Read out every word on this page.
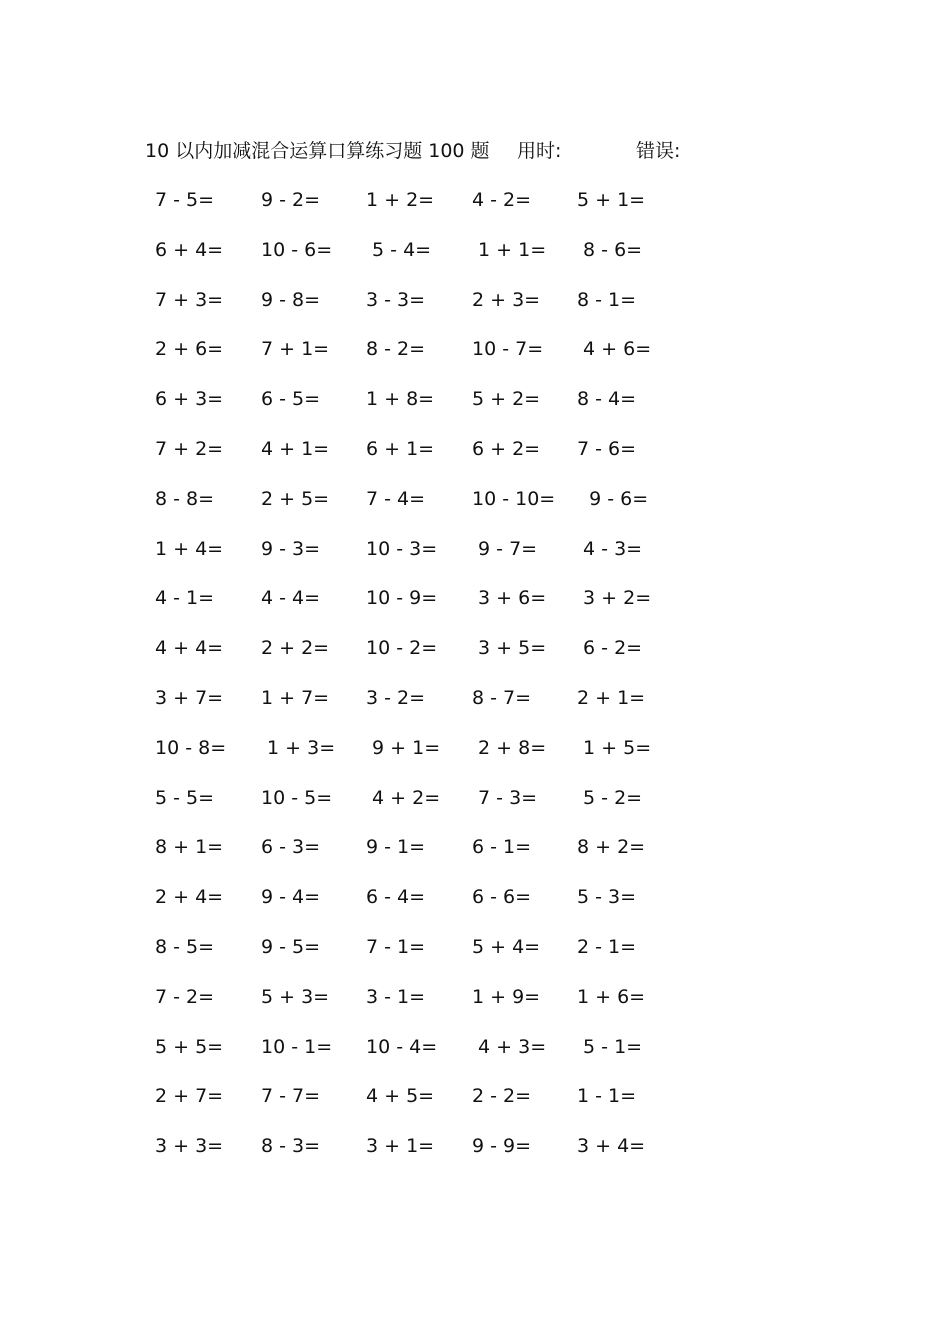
10 以内加减混合运算口算练习题 100 题 用时:	错误:
7 - 5= 9 - 2= 1 + 2= 4 - 2= 5 + 1=
6 + 4= 10 - 6= 5 - 4= 1 + 1= 8 - 6=
7 + 3= 9 - 8= 3 - 3= 2 + 3= 8 - 1=
2 + 6= 7 + 1= 8 - 2= 10 - 7= 4 + 6=
6 + 3= 6 - 5= 1 + 8= 5 + 2= 8 - 4=
7 + 2= 4 + 1= 6 + 1= 6 + 2= 7 - 6=
8 - 8= 2 + 5= 7 - 4= 10 - 10= 9 - 6=
1 + 4= 9 - 3= 10 - 3= 9 - 7= 4 - 3=
4 - 1= 4 - 4= 10 - 9= 3 + 6= 3 + 2=
4 + 4= 2 + 2= 10 - 2= 3 + 5= 6 - 2=
3 + 7= 1 + 7= 3 - 2= 8 - 7= 2 + 1=
10 - 8= 1 + 3= 9 + 1= 2 + 8= 1 + 5=
5 - 5= 10 - 5= 4 + 2= 7 - 3= 5 - 2=
8 + 1= 6 - 3= 9 - 1= 6 - 1= 8 + 2=
2 + 4= 9 - 4= 6 - 4= 6 - 6= 5 - 3=
8 - 5= 9 - 5= 7 - 1= 5 + 4= 2 - 1=
7 - 2= 5 + 3= 3 - 1= 1 + 9= 1 + 6=
5 + 5= 10 - 1= 10 - 4= 4 + 3= 5 - 1=
2 + 7= 7 - 7= 4 + 5= 2 - 2= 1 - 1=
3 + 3= 8 - 3= 3 + 1= 9 - 9= 3 + 4=
